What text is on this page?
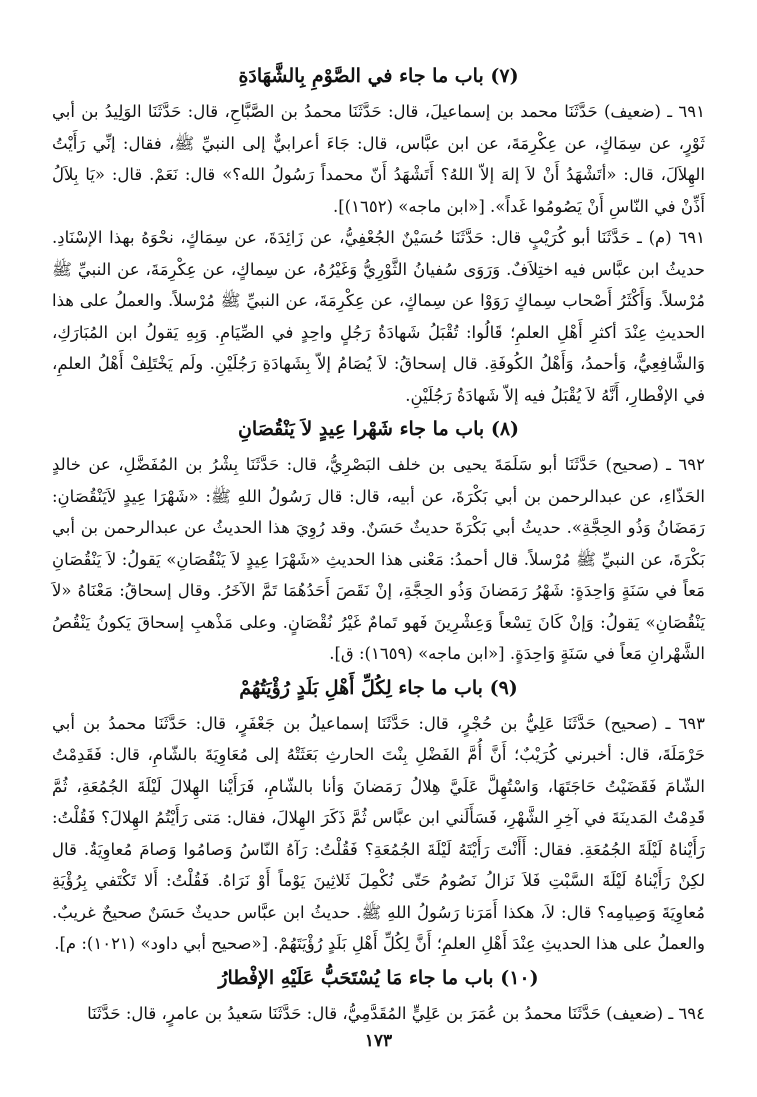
(٧) باب ما جاء في الصَّوْمِ بِالشَّهَادَةِ

٦٩١ ـ (ضعيف) حَدَّثَنَا محمد بن إسماعيلَ، قال: حَدَّثَنَا محمدُ بن الصَّبَّاحِ، قال: حَدَّثَنَا الوَلِيدُ بن أبي ثَوْرٍ، عن سِمَاكٍ، عن عِكْرِمَةَ، عن ابن عبَّاس، قال: جَاءَ أعرابيٌّ إلى النبيِّ ﷺ، فقال: إنِّي رَأَيْتُ الهِلاَلَ، قال: «أتَشْهَدُ أَنْ لاَ إلهَ إلاّ اللهُ؟ أَتَشْهَدُ أَنّ محمداً رَسُولُ الله؟» قال: نَعَمْ. قال: «يَا بِلاَلُ أَذِّنْ في النّاسِ أَنْ يَصُومُوا غَداً». [«ابن ماجه» (١٦٥٢)].

٦٩١ (م) ـ حَدَّثَنَا أبو كُرَيْبٍ قال: حَدَّثَنَا حُسَيْنٌ الجُعْفِيُّ، عن زَائِدَةَ، عن سِمَاكٍ، نحْوَهُ بهذا الإسْنَادِ. حديثُ ابن عبَّاس فيه اختِلاَفٌ. وَرَوَى سُفيانُ الثَّوْرِيُّ وَغَيْرُهُ، عن سِماكٍ، عن عِكْرِمَةَ، عن النبيِّ ﷺ مُرْسلاً. وَأَكْثَرُ أَصْحاب سِماكٍ رَوَوْا عن سِماكٍ، عن عِكْرِمَةَ، عن النبيِّ ﷺ مُرْسلاً. والعملُ على هذا الحديثِ عِنْدَ أكثرِ أَهْلِ العلمِ؛ قَالُوا: تُقْبَلُ شَهادَةُ رَجُلٍ واحِدٍ في الصِّيَامِ. وَبِهِ يَقولُ ابن المُبَارَكِ، وَالشَّافِعِيُّ، وَأحمدُ، وَأَهْلُ الكُوفَةِ. قال إسحاقُ: لاَ يُصَامُ إلاّ بِشَهادَةِ رَجُلَيْنِ. ولَم يَخْتَلِفْ أَهْلُ العلمِ، في الإفْطارِ، أَنَّهُ لاَ يُقْبَلُ فيه إلاّ شَهادَةُ رَجُلَيْنِ.

(٨) باب ما جاء شَهْرا عِيدٍ لاَ يَنْقُصَانِ

٦٩٢ ـ (صحيح) حَدَّثَنَا أبو سَلَمَةَ يحيى بن خلف البَصْرِيُّ، قال: حَدَّثَنَا بِشْرُ بن المُفَضَّلِ، عن خالدٍ الحَذّاءِ، عن عبدالرحمن بن أبي بَكْرَةَ، عن أبيه، قال: قال رَسُولُ اللهِ ﷺ: «شَهْرَا عِيدٍ لاَيَنْقُصَانِ: رَمَضَانُ وَذُو الحِجَّةِ». حديثُ أبي بَكْرَةَ حديثٌ حَسَنٌ. وقد رُوِيَ هذا الحديثُ عن عبدالرحمن بن أبي بَكْرَةَ، عن النبيِّ ﷺ مُرْسلاً. قال أحمدُ: مَعْنى هذا الحديثِ «شَهْرَا عِيدٍ لاَ يَنْقُصَانِ» يَقولُ: لاَ يَنْقُصَانِ مَعاً في سَنَةٍ وَاحِدَةٍ: شَهْرُ رَمَضانَ وَذُو الحِجَّةِ، إنْ نَقَصَ أَحَدُهُمَا تَمَّ الآخَرُ. وقال إسحاقُ: مَعْنَاهُ «لاَ يَنْقُصَانِ» يَقولُ: وَإنْ كَانَ تِسْعاً وَعِشْرِينَ فَهو تَمامٌ غَيْرُ نُقْصَانٍ. وعلى مَذْهبِ إسحاقَ يَكونُ يَنْقُصُ الشَّهْرانِ مَعاً في سَنَةٍ وَاحِدَةٍ. [«ابن ماجه» (١٦٥٩): ق].

(٩) باب ما جاء لِكُلِّ أَهْلِ بَلَدٍ رُؤْيَتُهُمْ

٦٩٣ ـ (صحيح) حَدَّثَنَا عَلِيُّ بن حُجْرٍ، قال: حَدَّثَنَا إسماعيلُ بن جَعْفَرٍ، قال: حَدَّثَنَا محمدُ بن أبي حَرْمَلَةَ، قال: أخبرني كُرَيْبٌ؛ أَنَّ أُمَّ الفَضْلِ بِنْتَ الحارثِ بَعَثَتْهُ إلى مُعَاوِيَةَ بالشّامِ، قال: فَقَدِمْتُ الشّامَ فَقَضَيْتُ حَاجَتَهَا، وَاسْتُهِلَّ عَلَيَّ هِلالُ رَمَضانَ وَأنا بالشّامِ، فَرَأَيْنا الهِلالَ لَيْلَةَ الجُمُعَةِ، ثُمَّ قَدِمْتُ المَدينَةَ في آخِرِ الشَّهْرِ، فَسَأَلَني ابن عبَّاس ثُمَّ ذَكَرَ الهِلالَ، فقال: مَتى رَأَيْتُمُ الهِلالَ؟ فَقُلْتُ: رَأَيْناهُ لَيْلَةَ الجُمُعَةِ. فقال: أَأَنْتَ رَأَيْتَهُ لَيْلَةَ الجُمُعَةِ؟ فَقُلْتُ: رَآهُ النّاسُ وَصامُوا وَصامَ مُعاوِيَةُ. قال لكِنْ رَأَيْناهُ لَيْلَةَ السَّبْتِ فَلاَ نَزالُ نَصُومُ حَتّى نُكْمِلَ ثَلاثِينَ يَوْماً أَوْ نَرَاهُ. فَقُلْتُ: أَلا تَكْتَفي بِرُؤْيَةِ مُعاوِيَةَ وَصِيامِه؟ قال: لاَ، هكذا أَمَرَنا رَسُولُ اللهِ ﷺ. حديثُ ابن عبَّاس حديثٌ حَسَنٌ صحيحٌ غريبٌ. والعملُ على هذا الحديثِ عِنْدَ أَهْلِ العلمِ؛ أَنَّ لِكُلِّ أَهْلِ بَلَدٍ رُؤْيَتَهُمْ. [«صحيح أبي داود» (١٠٢١): م].

(١٠) باب ما جاء مَا يُسْتَحَبُّ عَلَيْهِ الإفْطارُ

٦٩٤ ـ (ضعيف) حَدَّثَنَا محمدُ بن عُمَرَ بن عَلِيٍّ المُقَدَّمِيُّ، قال: حَدَّثَنَا سَعيدُ بن عامرٍ، قال: حَدَّثَنَا

١٧٣
